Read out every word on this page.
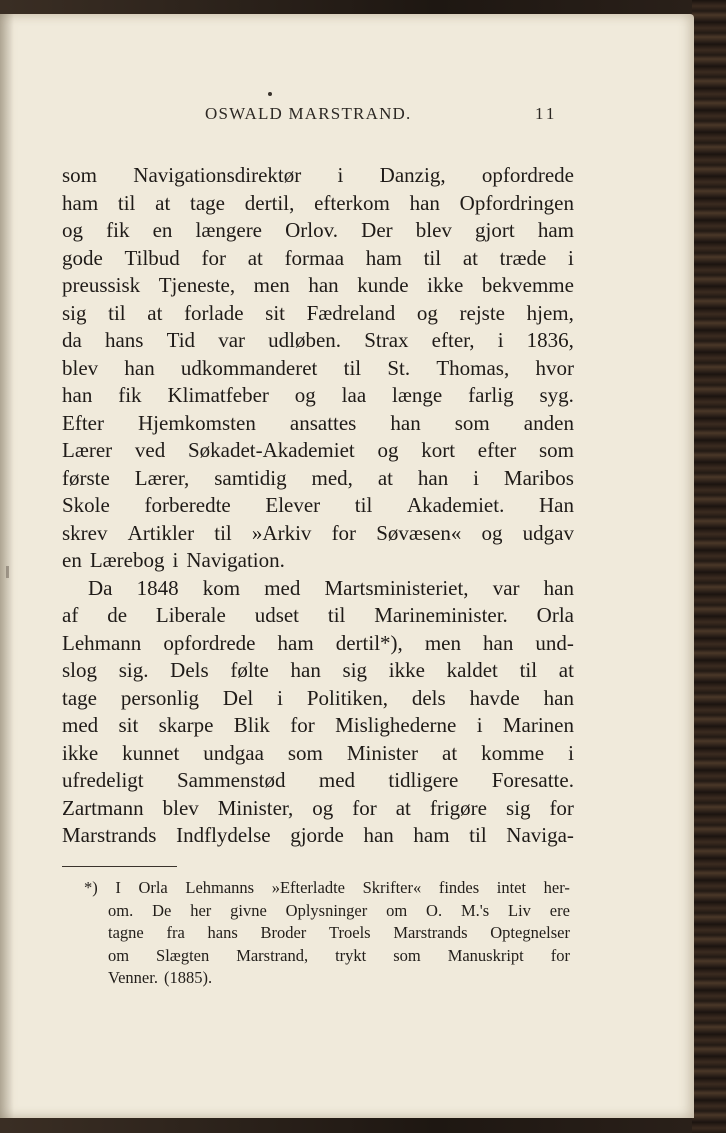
OSWALD MARSTRAND.	11
som Navigationsdirektør i Danzig, opfordrede
ham til at tage dertil, efterkom han Opfordringen
og fik en længere Orlov. Der blev gjort ham
gode Tilbud for at formaa ham til at træde i
preussisk Tjeneste, men han kunde ikke bekvemme
sig til at forlade sit Fædreland og rejste hjem,
da hans Tid var udløben. Strax efter, i 1836,
blev han udkommanderet til St. Thomas, hvor
han fik Klimatfeber og laa længe farlig syg.
Efter Hjemkomsten ansattes han som anden
Lærer ved Søkadet-Akademiet og kort efter som
første Lærer, samtidig med, at han i Maribos
Skole forberedte Elever til Akademiet. Han
skrev Artikler til »Arkiv for Søvæsen« og udgav
en Lærebog i Navigation.
Da 1848 kom med Martsministeriet, var han
af de Liberale udset til Marineminister. Orla
Lehmann opfordrede ham dertil*), men han und-
slog sig. Dels følte han sig ikke kaldet til at
tage personlig Del i Politiken, dels havde han
med sit skarpe Blik for Mislighederne i Marinen
ikke kunnet undgaa som Minister at komme i
ufredeligt Sammenstød med tidligere Foresatte.
Zartmann blev Minister, og for at frigøre sig for
Marstrands Indflydelse gjorde han ham til Naviga-
*) I Orla Lehmanns »Efterladte Skrifter« findes intet her-
om. De her givne Oplysninger om O. M.'s Liv ere
tagne fra hans Broder Troels Marstrands Optegnelser
om Slægten Marstrand, trykt som Manuskript for
Venner. (1885).
